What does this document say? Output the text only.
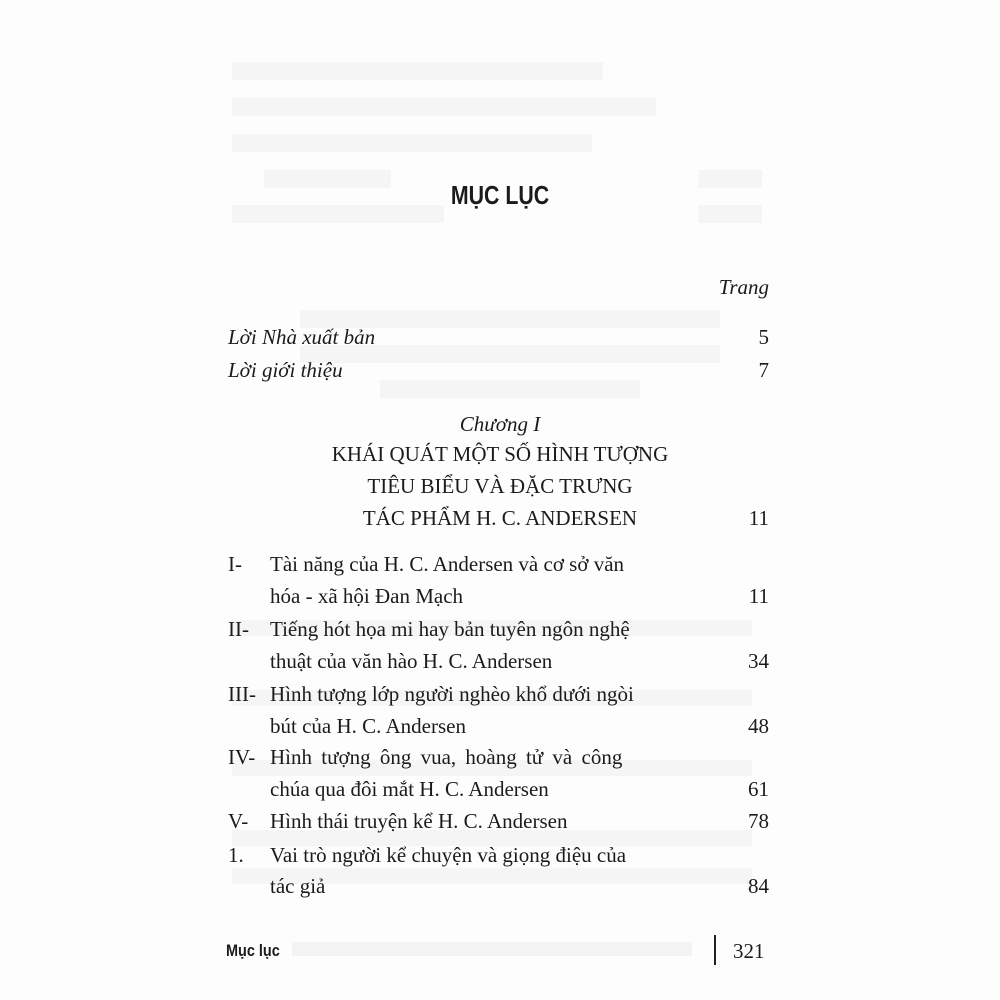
MỤC LỤC
Trang
Lời Nhà xuất bản	5
Lời giới thiệu	7
Chương I
KHÁI QUÁT MỘT SỐ HÌNH TƯỢNG
TIÊU BIỂU VÀ ĐẶC TRƯNG
TÁC PHẨM H. C. ANDERSEN	11
I- Tài năng của H. C. Andersen và cơ sở văn
hóa - xã hội Đan Mạch	11
II- Tiếng hót họa mi hay bản tuyên ngôn nghệ
thuật của văn hào H. C. Andersen	34
III- Hình tượng lớp người nghèo khổ dưới ngòi
bút của H. C. Andersen	48
IV- Hình tượng ông vua, hoàng tử và công
chúa qua đôi mắt H. C. Andersen	61
V- Hình thái truyện kể H. C. Andersen	78
1. Vai trò người kể chuyện và giọng điệu của
tác giả	84
Mục lục	321
